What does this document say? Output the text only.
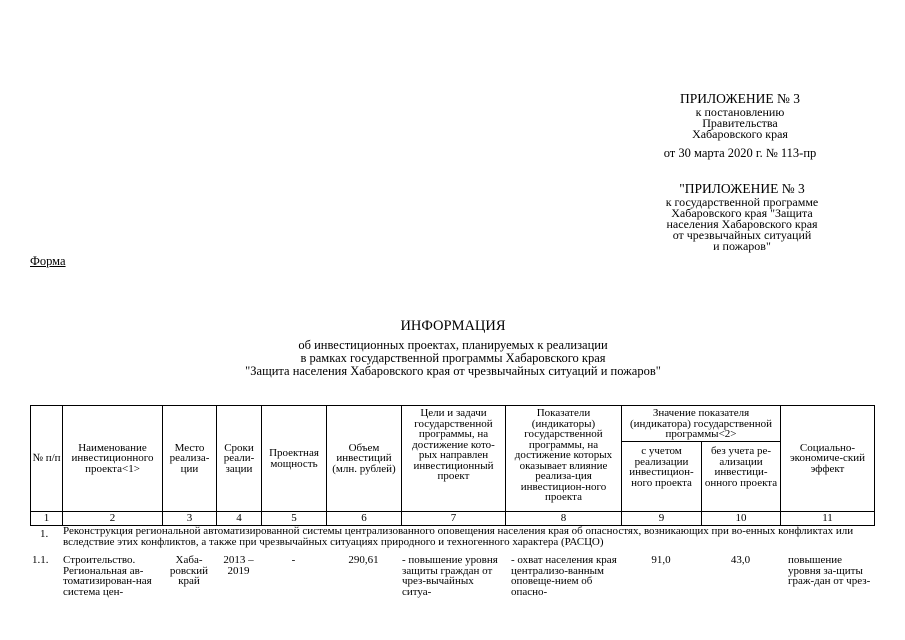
ПРИЛОЖЕНИЕ № 3
к постановлению
Правительства
Хабаровского края
от 30 марта 2020 г. № 113-пр
"ПРИЛОЖЕНИЕ № 3
к государственной программе
Хабаровского края "Защита
населения Хабаровского края
от чрезвычайных ситуаций
и пожаров"
Форма
ИНФОРМАЦИЯ
об инвестиционных проектах, планируемых к реализации
в рамках государственной программы Хабаровского края
"Защита населения Хабаровского края от чрезвычайных ситуаций и пожаров"
№ п/п	Наименование инвестиционного проекта<1>	Место реализа-ции	Сроки реали-зации	Проектная мощность	Объем инвестиций (млн. рублей)	Цели и задачи государственной программы, на достижение кото-рых направлен инвестиционный проект	Показатели (индикаторы) государственной программы, на достижение которых оказывает влияние реализа-ция инвестицион-ного проекта	Значение показателя (индикатора) государственной программы<2>		Социально-экономиче-ский эффект
								с учетом реализации инвестицион-ного проекта	без учета ре-ализации инвестици-онного проекта	
1	2	3	4	5	6	7	8	9	10	11
1.	Реконструкция региональной автоматизированной системы централизованного оповещения населения края об опасностях, возникающих при во-енных конфликтах или вследствие этих конфликтов, а также при чрезвычайных ситуациях природного и техногенного характера (РАСЦО)									
1.1.	Строительство. Региональная ав-томатизирован-ная система цен-	Хаба-ровский край	2013 – 2019	-	290,61	- повышение уровня защиты граждан от чрез-вычайных ситуа-	- охват населения края централизо-ванным оповеще-нием об опасно-	91,0	43,0	повышение уровня за-щиты граж-дан от чрез-
